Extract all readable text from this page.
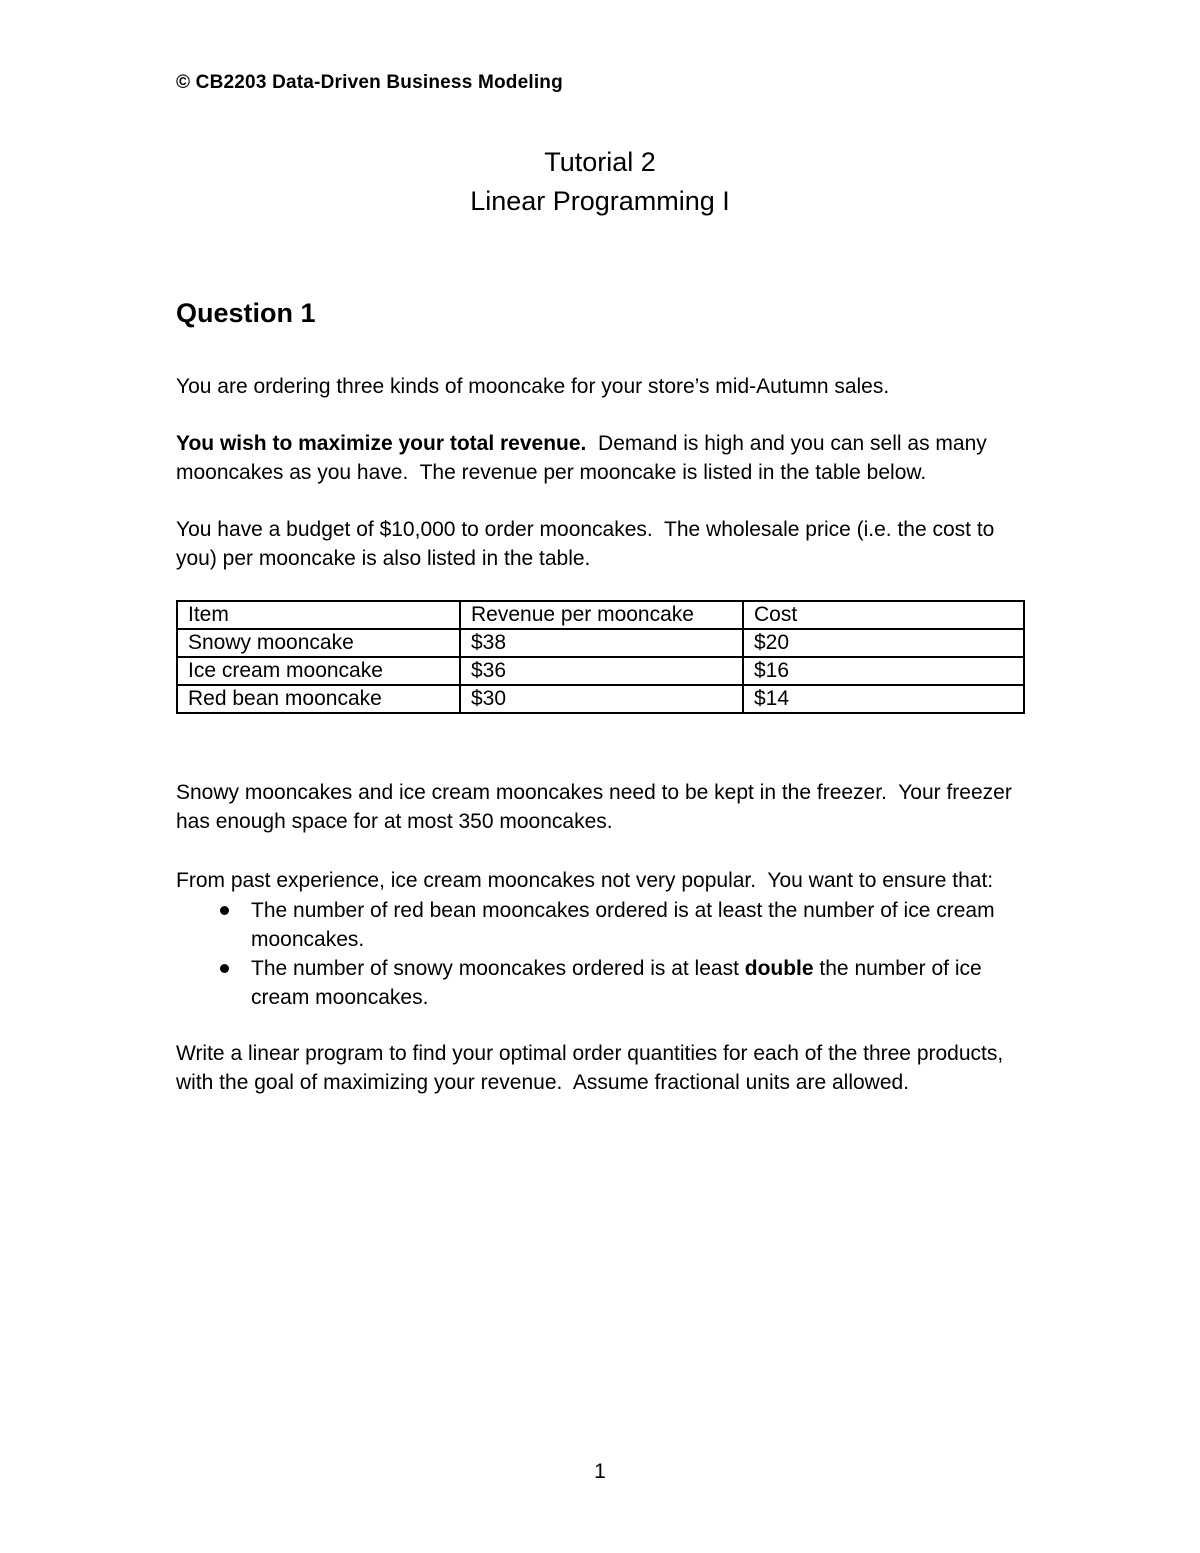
© CB2203 Data-Driven Business Modeling
Tutorial 2
Linear Programming I
Question 1

You are ordering three kinds of mooncake for your store’s mid-Autumn sales.

You wish to maximize your total revenue.  Demand is high and you can sell as many mooncakes as you have.  The revenue per mooncake is listed in the table below.

You have a budget of $10,000 to order mooncakes.  The wholesale price (i.e. the cost to you) per mooncake is also listed in the table.

Item	Revenue per mooncake	Cost
Snowy mooncake	$38	$20
Ice cream mooncake	$36	$16
Red bean mooncake	$30	$14

Snowy mooncakes and ice cream mooncakes need to be kept in the freezer.  Your freezer has enough space for at most 350 mooncakes.

From past experience, ice cream mooncakes not very popular.  You want to ensure that:

The number of red bean mooncakes ordered is at least the number of ice cream mooncakes.
The number of snowy mooncakes ordered is at least double the number of ice cream mooncakes.

Write a linear program to find your optimal order quantities for each of the three products, with the goal of maximizing your revenue.  Assume fractional units are allowed.

1
